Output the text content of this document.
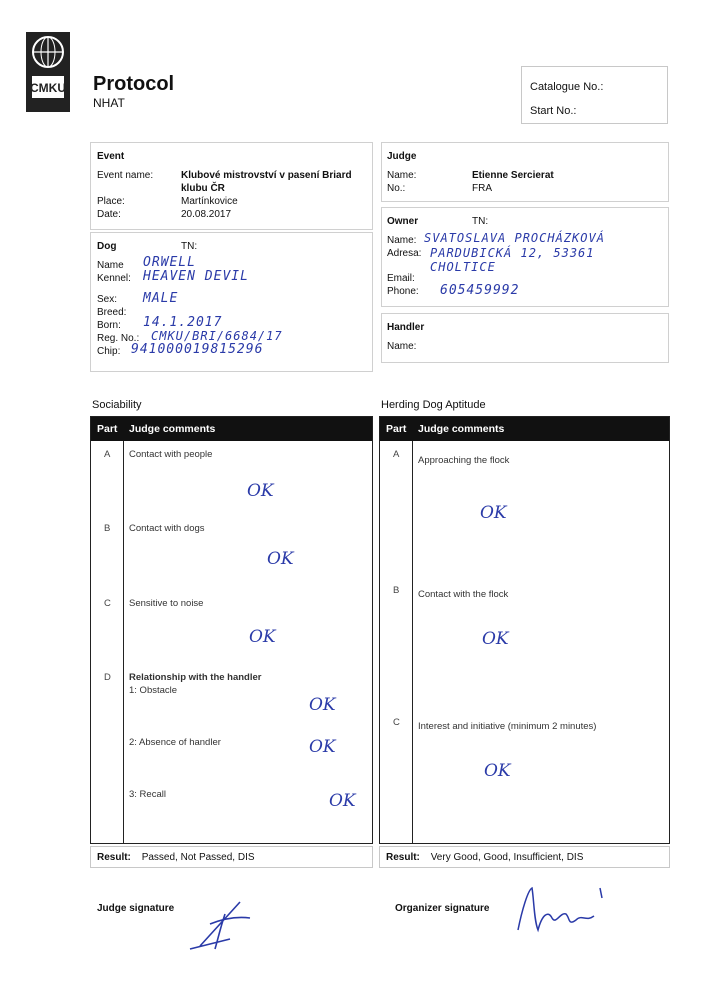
CMKU Protocol
NHAT
Catalogue No.:
Start No.:
Event
Event name:	Klubové mistrovství v pasení Briard
klubu ČR
Place:	Martínkovice
Date:	20.08.2017
Judge
Name:	Etienne Sercierat
No.:	FRA
Dog	TN:
Name ORWELL
Kennel: HEAVEN DEVIL
Sex: MALE
Breed:
Born: 14.1.2017
Reg. No.: CMKU/BRI/6684/17
Chip: 941000019815296
Owner	TN:
Name: SVATOSLAVA PROCHÁZKOVÁ
Adresa: PARDUBICKÁ 12, 53361 CHOLTICE
Email:
Phone: 605459992
Handler
Name:
Sociability
Part Judge comments
A Contact with people
OK
B Contact with dogs
OK
C Sensitive to noise
OK
D Relationship with the handler
1: Obstacle
OK
2: Absence of handler	OK
3: Recall	OK
Result: Passed, Not Passed, DIS
Herding Dog Aptitude
Part Judge comments
A
Approaching the flock
OK
B Contact with the flock
OK
C Interest and initiative (minimum 2 minutes)
OK
Result: Very Good, Good, Insufficient, DIS
Judge signature	Organizer signature
